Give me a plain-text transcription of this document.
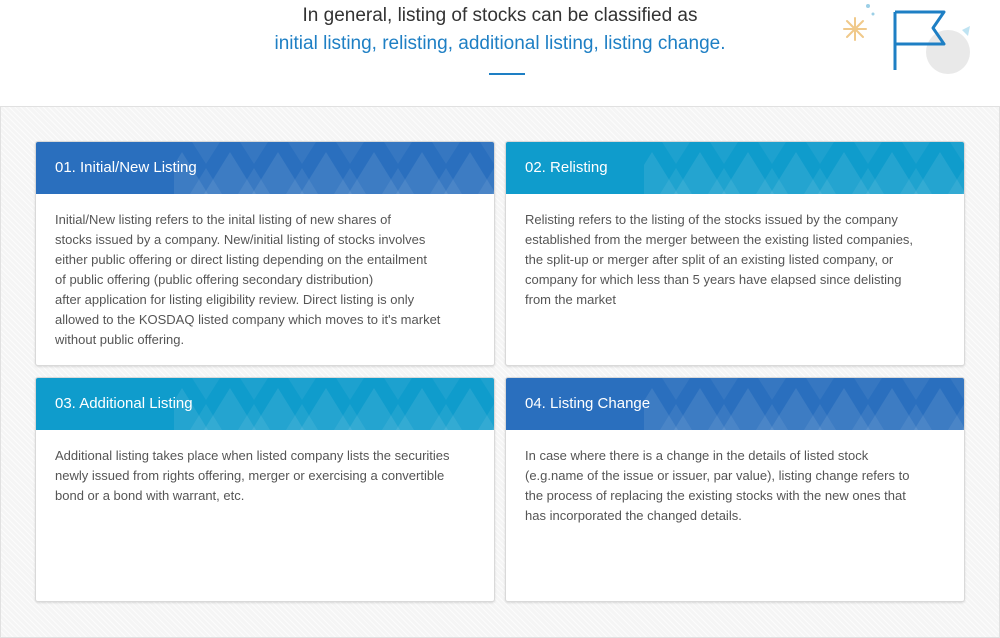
In general, listing of stocks can be classified as
initial listing, relisting, additional listing, listing change.
01. Initial/New Listing

Initial/New listing refers to the inital listing of new shares of

stocks issued by a company. New/initial listing of stocks involves

either public offering or direct listing depending on the entailment

of public offering (public offering secondary distribution)

after application for listing eligibility review. Direct listing is only

allowed to the KOSDAQ listed company which moves to it's market

without public offering.

02. Relisting

Relisting refers to the listing of the stocks issued by the company

established from the merger between the existing listed companies,

the split-up or merger after split of an existing listed company, or

company for which less than 5 years have elapsed since delisting

from the market

03. Additional Listing

Additional listing takes place when listed company lists the securities

newly issued from rights offering, merger or exercising a convertible

bond or a bond with warrant, etc.

04. Listing Change

In case where there is a change in the details of listed stock

(e.g.name of the issue or issuer, par value), listing change refers to

the process of replacing the existing stocks with the new ones that

has incorporated the changed details.
